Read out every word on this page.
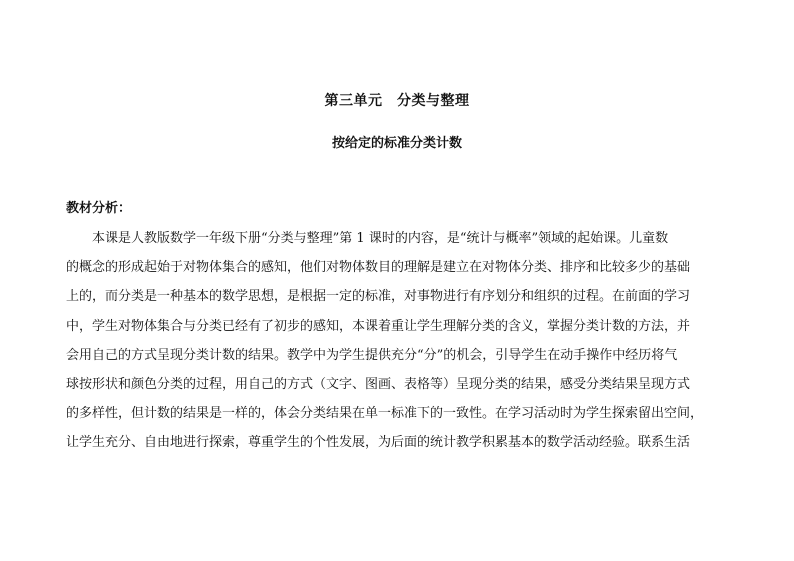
第三单元　分类与整理
按给定的标准分类计数
教材分析：
本课是人教版数学一年级下册“分类与整理”第 1 课时的内容，是“统计与概率”领域的起始课。儿童数
的概念的形成起始于对物体集合的感知，他们对物体数目的理解是建立在对物体分类、排序和比较多少的基础
上的，而分类是一种基本的数学思想，是根据一定的标准，对事物进行有序划分和组织的过程。在前面的学习
中，学生对物体集合与分类已经有了初步的感知，本课着重让学生理解分类的含义，掌握分类计数的方法，并
会用自己的方式呈现分类计数的结果。教学中为学生提供充分“分”的机会，引导学生在动手操作中经历将气
球按形状和颜色分类的过程，用自己的方式（文字、图画、表格等）呈现分类的结果，感受分类结果呈现方式
的多样性，但计数的结果是一样的，体会分类结果在单一标准下的一致性。在学习活动时为学生探索留出空间，
让学生充分、自由地进行探索，尊重学生的个性发展，为后面的统计教学积累基本的数学活动经验。联系生活
